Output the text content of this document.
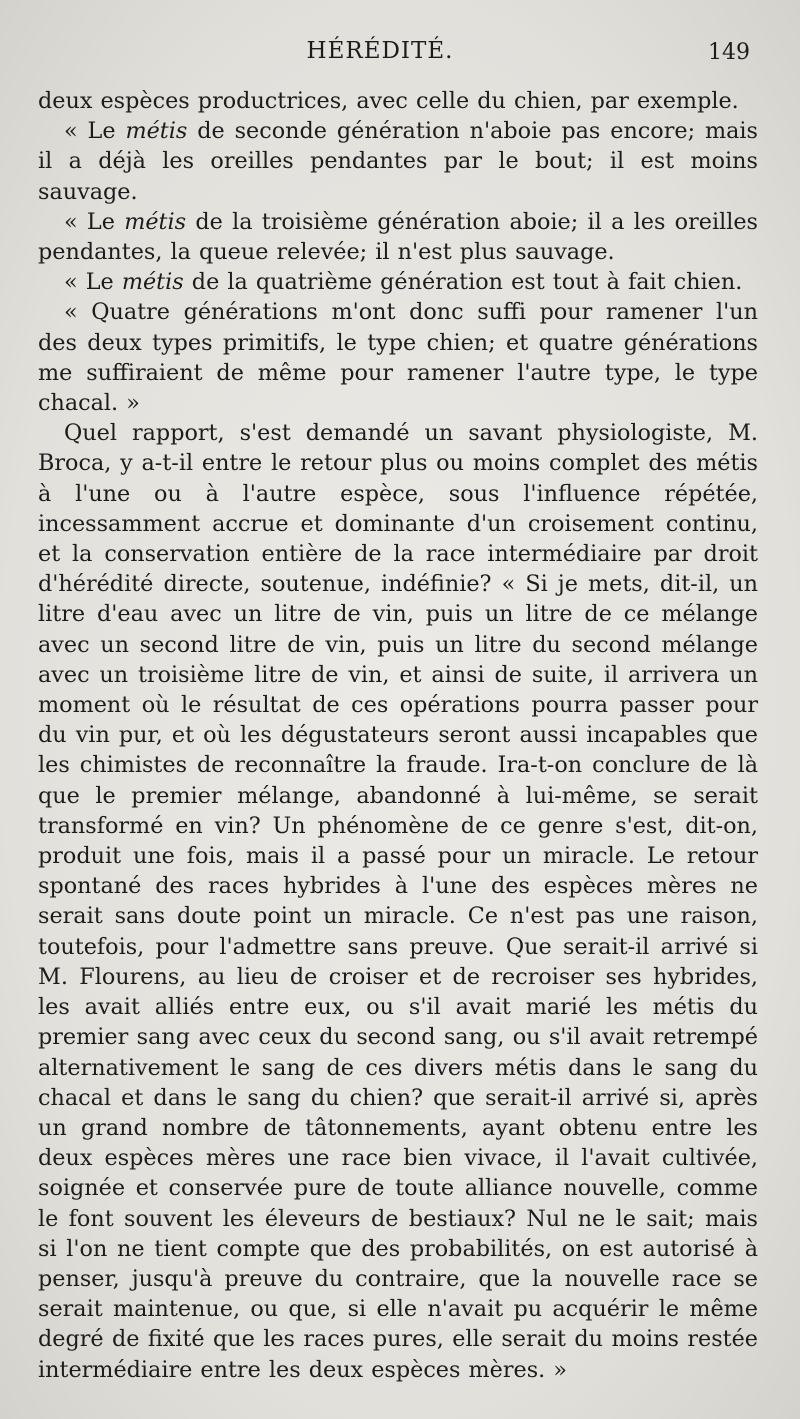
HÉRÉDITÉ.	149

deux espèces productrices, avec celle du chien, par exemple.

« Le métis de seconde génération n'aboie pas encore; mais il a déjà les oreilles pendantes par le bout; il est moins sauvage.

« Le métis de la troisième génération aboie; il a les oreilles pendantes, la queue relevée; il n'est plus sauvage.

« Le métis de la quatrième génération est tout à fait chien.

« Quatre générations m'ont donc suffi pour ramener l'un des deux types primitifs, le type chien; et quatre générations me suffiraient de même pour ramener l'autre type, le type chacal. »

Quel rapport, s'est demandé un savant physiologiste, M. Broca, y a-t-il entre le retour plus ou moins complet des métis à l'une ou à l'autre espèce, sous l'influence répétée, incessamment accrue et dominante d'un croisement continu, et la conservation entière de la race intermédiaire par droit d'hérédité directe, soutenue, indéfinie? « Si je mets, dit-il, un litre d'eau avec un litre de vin, puis un litre de ce mélange avec un second litre de vin, puis un litre du second mélange avec un troisième litre de vin, et ainsi de suite, il arrivera un moment où le résultat de ces opérations pourra passer pour du vin pur, et où les dégustateurs seront aussi incapables que les chimistes de reconnaître la fraude. Ira-t-on conclure de là que le premier mélange, abandonné à lui-même, se serait transformé en vin? Un phénomène de ce genre s'est, dit-on, produit une fois, mais il a passé pour un miracle. Le retour spontané des races hybrides à l'une des espèces mères ne serait sans doute point un miracle. Ce n'est pas une raison, toutefois, pour l'admettre sans preuve. Que serait-il arrivé si M. Flourens, au lieu de croiser et de recroiser ses hybrides, les avait alliés entre eux, ou s'il avait marié les métis du premier sang avec ceux du second sang, ou s'il avait retrempé alternativement le sang de ces divers métis dans le sang du chacal et dans le sang du chien? que serait-il arrivé si, après un grand nombre de tâtonnements, ayant obtenu entre les deux espèces mères une race bien vivace, il l'avait cultivée, soignée et conservée pure de toute alliance nouvelle, comme le font souvent les éleveurs de bestiaux? Nul ne le sait; mais si l'on ne tient compte que des probabilités, on est autorisé à penser, jusqu'à preuve du contraire, que la nouvelle race se serait maintenue, ou que, si elle n'avait pu acquérir le même degré de fixité que les races pures, elle serait du moins restée intermédiaire entre les deux espèces mères. »
